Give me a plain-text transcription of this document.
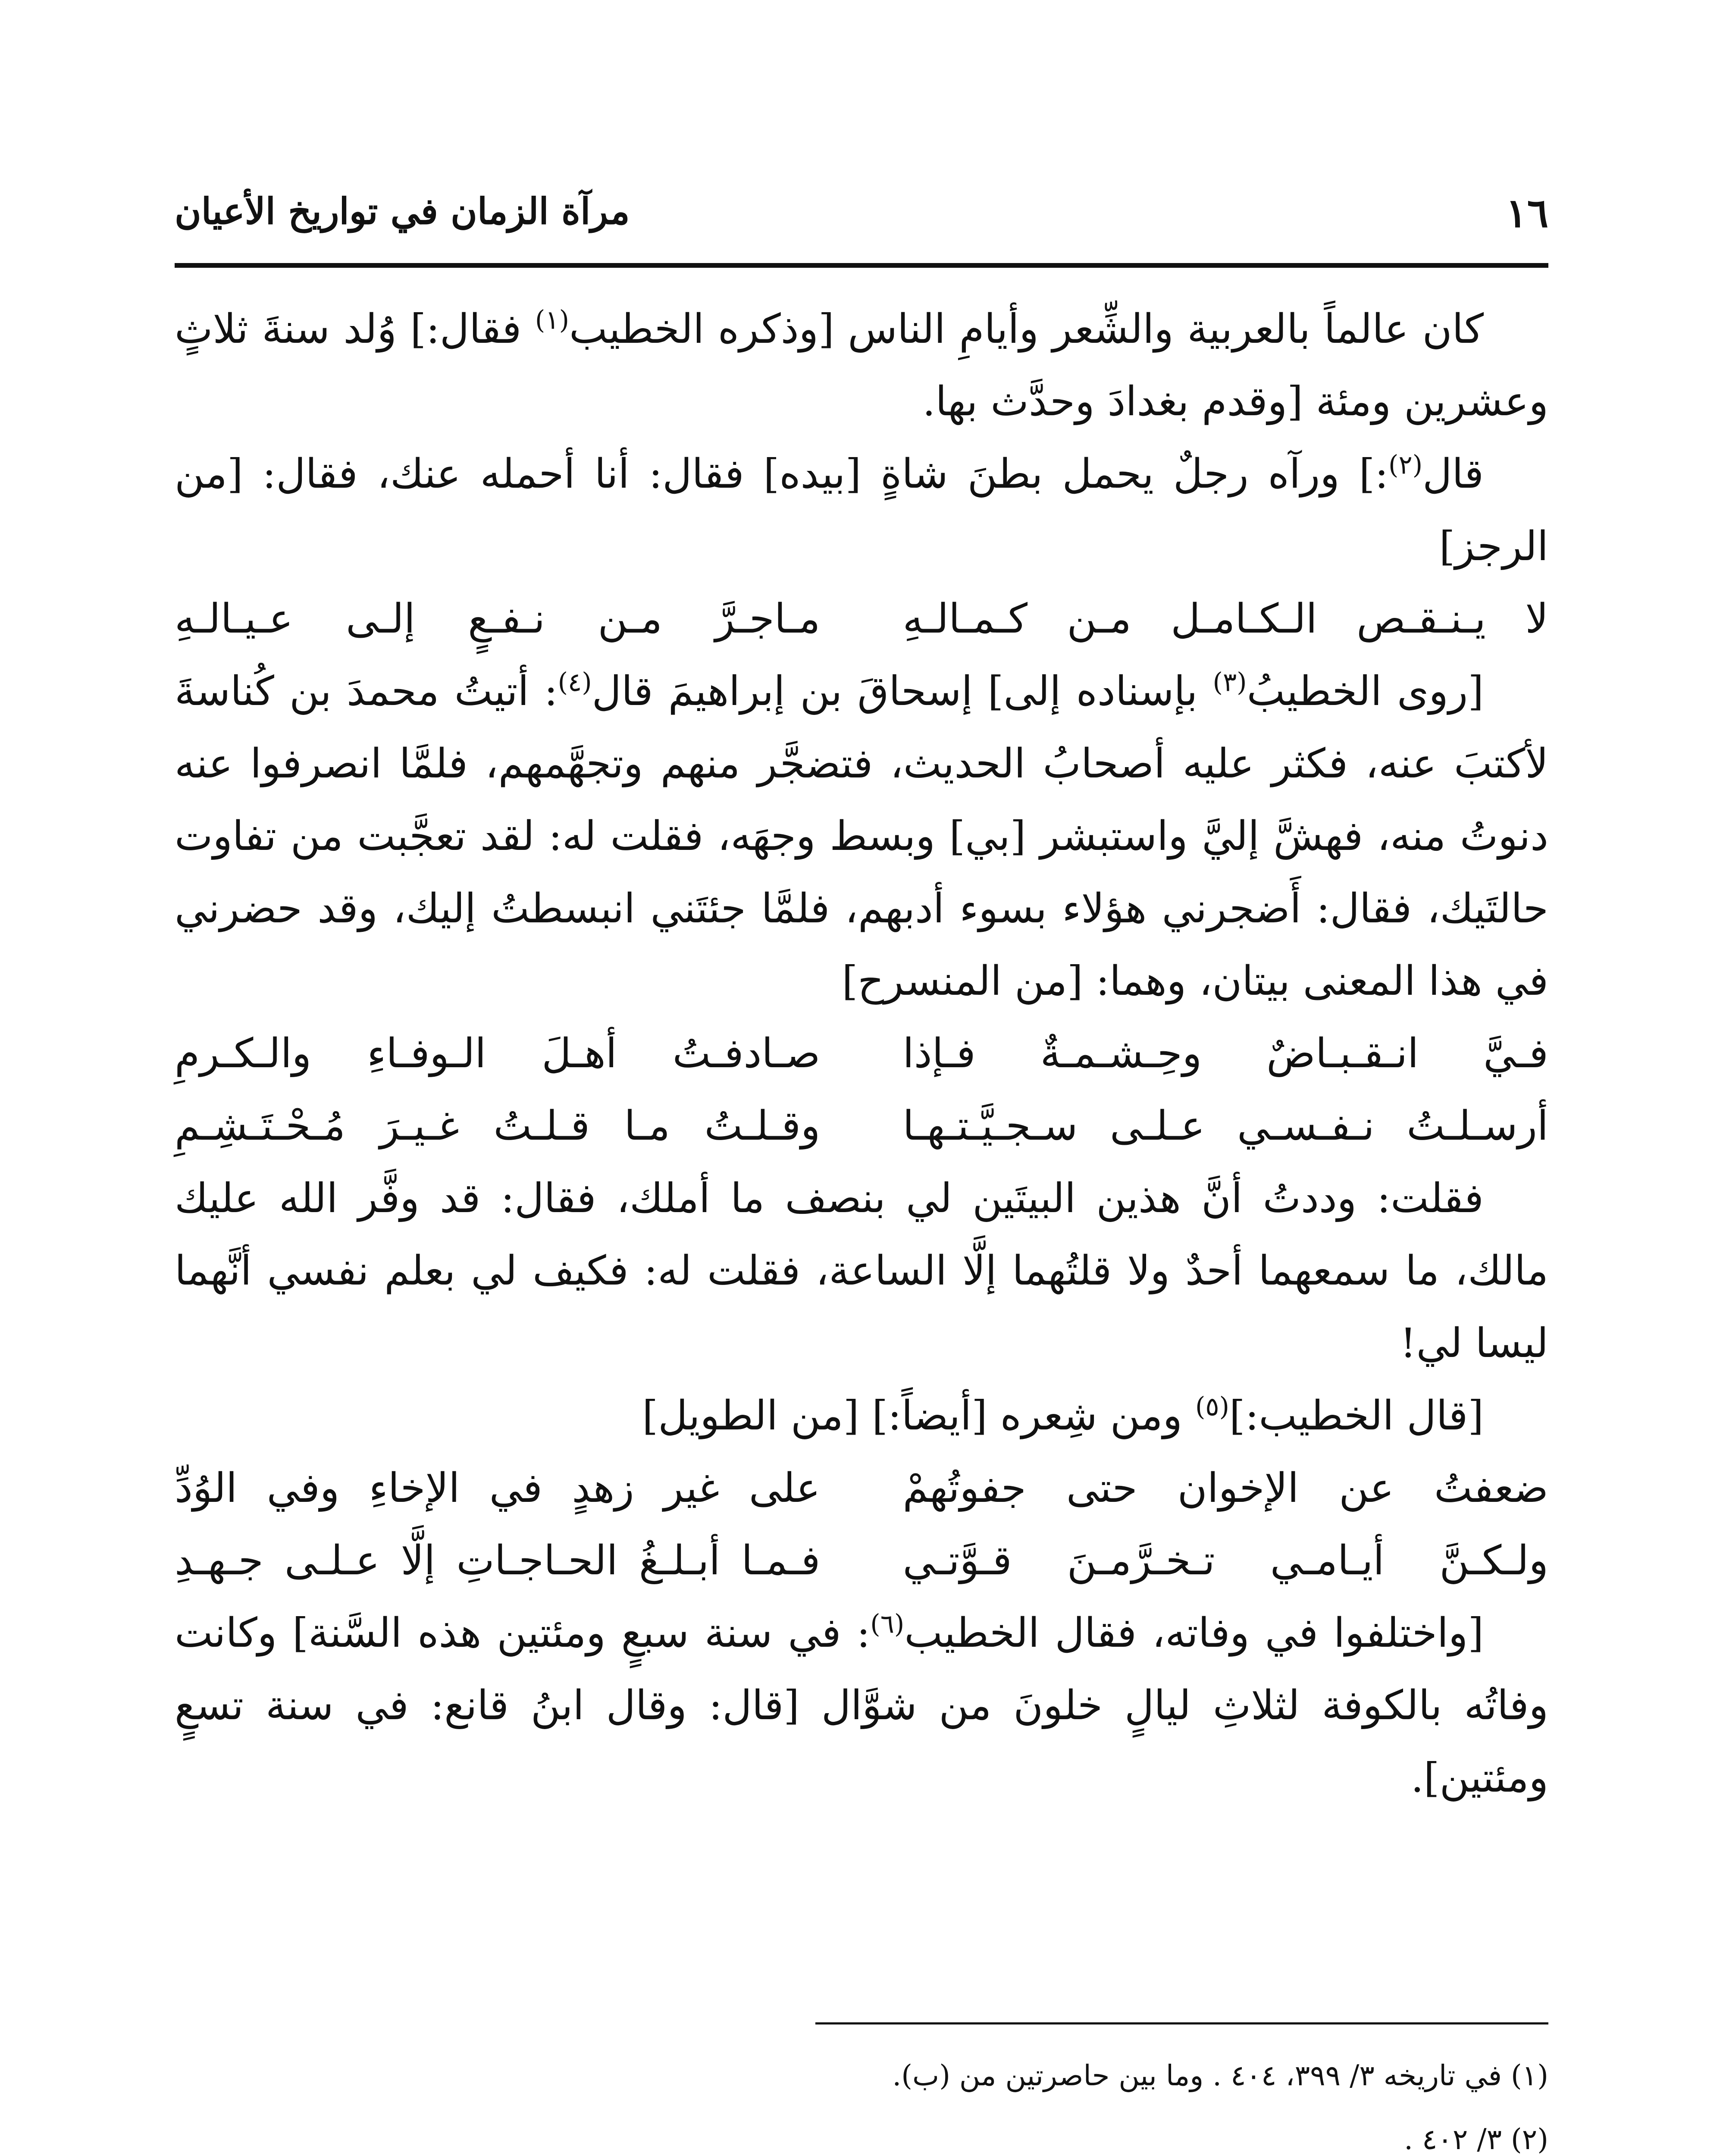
١٦
مرآة الزمان في تواريخ الأعيان

كان عالماً بالعربية والشِّعر وأيامِ الناس [وذكره الخطيب$^{(١)}$ فقال:] وُلد سنةَ ثلاثٍ وعشرين ومئة [وقدم بغدادَ وحدَّث بها.

قال$^{(٢)}$:] ورآه رجلٌ يحمل بطنَ شاةٍ [بيده] فقال: أنا أحمله عنك، فقال: [من الرجز]

لا يـنـقـص الـكـامـل مـن كـمـالـهِ
مـاجـرَّ مـن نـفـعٍ إلـى عـيـالـهِ

[روى الخطيبُ$^{(٣)}$ بإسناده إلى] إسحاقَ بن إبراهيمَ قال$^{(٤)}$: أتيتُ محمدَ بن كُناسةَ لأكتبَ عنه، فكثر عليه أصحابُ الحديث، فتضجَّر منهم وتجهَّمهم، فلمَّا انصرفوا عنه دنوتُ منه، فهشَّ إليَّ واستبشر [بي] وبسط وجهَه، فقلت له: لقد تعجَّبت من تفاوت حالتَيك، فقال: أَضجرني هؤلاء بسوء أدبهم، فلمَّا جئتَني انبسطتُ إليك، وقد حضرني في هذا المعنى بيتان، وهما: [من المنسرح]

فـيَّ انـقـبـاضٌ وحِـشـمـةٌ فـإذا
صـادفـتُ أهـلَ الـوفـاءِ والـكـرمِ
أرسـلـتُ نـفـسـي عـلـى سـجـيَّـتـهـا
وقـلـتُ مـا قـلـتُ غـيـرَ مُـحْـتَـشِـمِ

فقلت: وددتُ أنَّ هذين البيتَين لي بنصف ما أملك، فقال: قد وفَّر الله عليك مالك، ما سمعهما أحدٌ ولا قلتُهما إلَّا الساعة، فقلت له: فكيف لي بعلم نفسي أنَّهما ليسا لي!

[قال الخطيب:]$^{(٥)}$ ومن شِعره [أيضاً:] [من الطويل]

ضعفتُ عن الإخوان حتى جفوتُهمْ
على غير زهدٍ في الإخاءِ وفي الوُدِّ
ولـكـنَّ أيـامـي تـخـرَّمـنَ قـوَّتـي
فـمـا أبـلـغُ الحـاجـاتِ إلَّا عـلـى جـهـدِ

[واختلفوا في وفاته، فقال الخطيب$^{(٦)}$: في سنة سبعٍ ومئتين هذه السَّنة] وكانت وفاتُه بالكوفة لثلاثِ ليالٍ خلونَ من شوَّال [قال: وقال ابنُ قانع: في سنة تسعٍ ومئتين].

(١) في تاريخه ٣/ ٣٩٩، ٤٠٤ . وما بين حاصرتين من (ب).

(٢) ٣/ ٤٠٢ .
